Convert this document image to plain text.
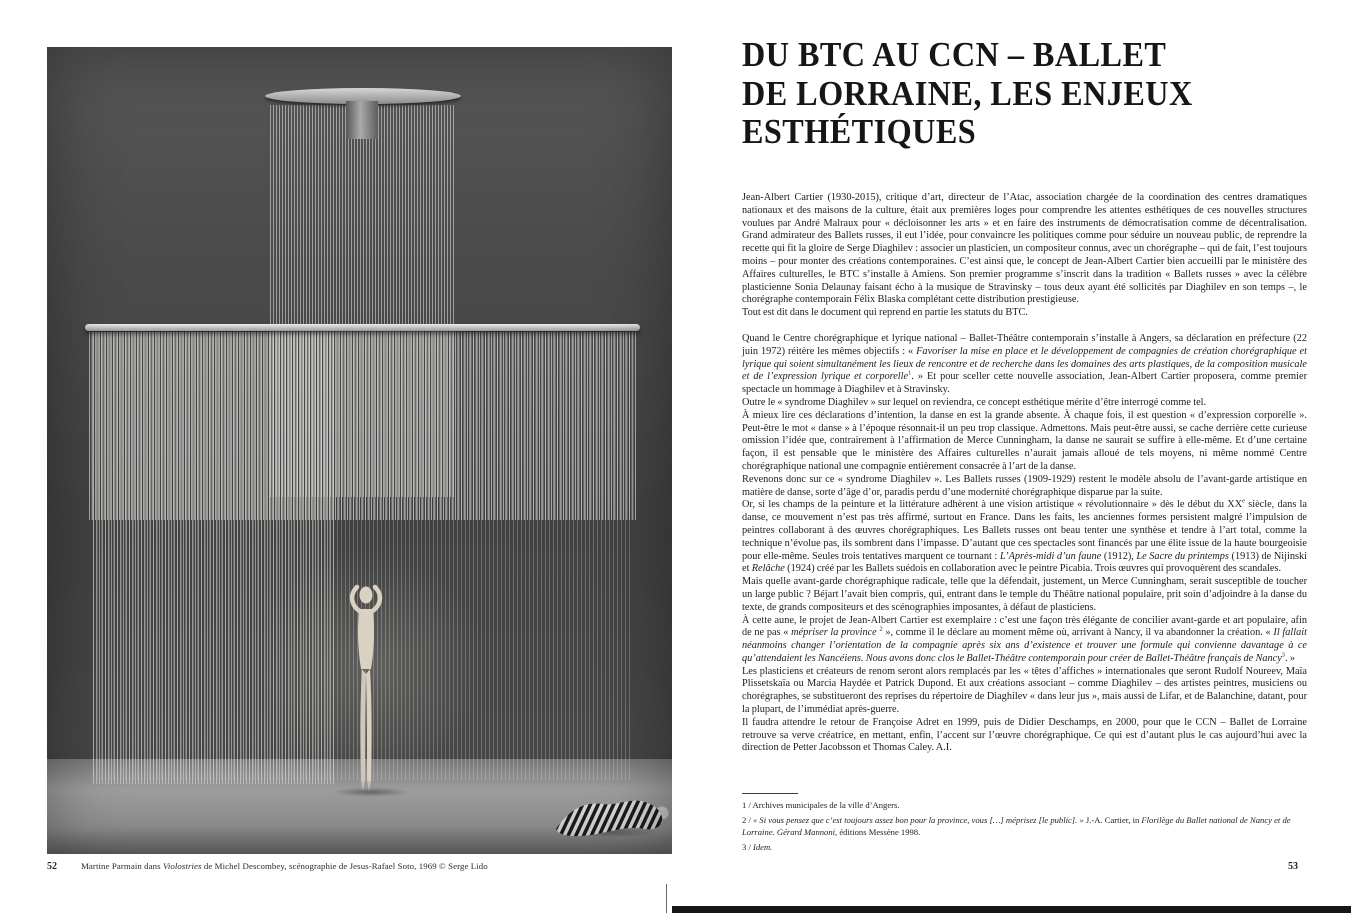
52	Martine Parmain dans Violostries de Michel Descombey, scénographie de Jesus-Rafael Soto, 1969 © Serge Lido
DU BTC AU CCN – BALLET
DE LORRAINE, LES ENJEUX
ESTHÉTIQUES

Jean-Albert Cartier (1930-2015), critique d’art, directeur de l’Atac, association chargée de la coordination des centres dramatiques nationaux et des maisons de la culture, était aux premières loges pour comprendre les attentes esthétiques de ces nouvelles structures voulues par André Malraux pour « décloisonner les arts » et en faire des instruments de démocratisation comme de décentralisation. Grand admirateur des Ballets russes, il eut l’idée, pour convaincre les politiques comme pour séduire un nouveau public, de reprendre la recette qui fit la gloire de Serge Diaghilev : associer un plasticien, un compositeur connus, avec un chorégraphe – qui de fait, l’est toujours moins – pour monter des créations contemporaines. C’est ainsi que, le concept de Jean-Albert Cartier bien accueilli par le ministère des Affaires culturelles, le BTC s’installe à Amiens. Son premier programme s’inscrit dans la tradition « Ballets russes » avec la célèbre plasticienne Sonia Delaunay faisant écho à la musique de Stravinsky – tous deux ayant été sollicités par Diaghilev en son temps –, le chorégraphe contemporain Félix Blaska complétant cette distribution prestigieuse.

Tout est dit dans le document qui reprend en partie les statuts du BTC.

Quand le Centre chorégraphique et lyrique national – Ballet-Théâtre contemporain s’installe à Angers, sa déclaration en préfecture (22 juin 1972) réitère les mêmes objectifs : « Favoriser la mise en place et le développement de compagnies de création chorégraphique et lyrique qui soient simultanément les lieux de rencontre et de recherche dans les domaines des arts plastiques, de la composition musicale et de l’expression lyrique et corporelle$^1$. » Et pour sceller cette nouvelle association, Jean-Albert Cartier proposera, comme premier spectacle un hommage à Diaghilev et à Stravinsky.

Outre le « syndrome Diaghilev » sur lequel on reviendra, ce concept esthétique mérite d’être interrogé comme tel.

À mieux lire ces déclarations d’intention, la danse en est la grande absente. À chaque fois, il est question « d’expression corporelle ». Peut-être le mot « danse » à l’époque résonnait-il un peu trop classique. Admettons. Mais peut-être aussi, se cache derrière cette curieuse omission l’idée que, contrairement à l’affirmation de Merce Cunningham, la danse ne saurait se suffire à elle-même. Et d’une certaine façon, il est pensable que le ministère des Affaires culturelles n’aurait jamais alloué de tels moyens, ni même nommé Centre chorégraphique national une compagnie entièrement consacrée à l’art de la danse.

Revenons donc sur ce « syndrome Diaghilev ». Les Ballets russes (1909-1929) restent le modèle absolu de l’avant-garde artistique en matière de danse, sorte d’âge d’or, paradis perdu d’une modernité chorégraphique disparue par la suite.

Or, si les champs de la peinture et la littérature adhèrent à une vision artistique « révolutionnaire » dès le début du XXe siècle, dans la danse, ce mouvement n’est pas très affirmé, surtout en France. Dans les faits, les anciennes formes persistent malgré l’impulsion de peintres collaborant à des œuvres chorégraphiques. Les Ballets russes ont beau tenter une synthèse et tendre à l’art total, comme la technique n’évolue pas, ils sombrent dans l’impasse. D’autant que ces spectacles sont financés par une élite issue de la haute bourgeoisie pour elle-même. Seules trois tentatives marquent ce tournant : L’Après-midi d’un faune (1912), Le Sacre du printemps (1913) de Nijinski et Relâche (1924) créé par les Ballets suédois en collaboration avec le peintre Picabia. Trois œuvres qui provoquèrent des scandales.

Mais quelle avant-garde chorégraphique radicale, telle que la défendait, justement, un Merce Cunningham, serait susceptible de toucher un large public ? Béjart l’avait bien compris, qui, entrant dans le temple du Théâtre national populaire, prit soin d’adjoindre à la danse du texte, de grands compositeurs et des scénographies imposantes, à défaut de plasticiens.

À cette aune, le projet de Jean-Albert Cartier est exemplaire : c’est une façon très élégante de concilier avant-garde et art populaire, afin de ne pas « mépriser la province $^2$ », comme il le déclare au moment même où, arrivant à Nancy, il va abandonner la création. « Il fallait néanmoins changer l’orientation de la compagnie après six ans d’existence et trouver une formule qui convienne davantage à ce qu’attendaient les Nancéiens. Nous avons donc clos le Ballet-Théâtre contemporain pour créer de Ballet-Théâtre français de Nancy$^3$. »

Les plasticiens et créateurs de renom seront alors remplacés par les « têtes d’affiches » internationales que seront Rudolf Noureev, Maïa Plissetskaïa ou Marcia Haydée et Patrick Dupond. Et aux créations associant – comme Diaghilev – des artistes peintres, musiciens ou chorégraphes, se substitueront des reprises du répertoire de Diaghilev « dans leur jus », mais aussi de Lifar, et de Balanchine, datant, pour la plupart, de l’immédiat après-guerre.

Il faudra attendre le retour de Françoise Adret en 1999, puis de Didier Deschamps, en 2000, pour que le CCN – Ballet de Lorraine retrouve sa verve créatrice, en mettant, enfin, l’accent sur l’œuvre chorégraphique. Ce qui est d’autant plus le cas aujourd’hui avec la direction de Petter Jacobsson et Thomas Caley. A.I.

1 / Archives municipales de la ville d’Angers.

2 / « Si vous pensez que c’est toujours assez bon pour la province, vous […] méprisez [le public]. » J.-A. Cartier, in Florilège du Ballet national de Nancy et de Lorraine. Gérard Mannoni, éditions Messène 1998.

3 / Idem.

53
